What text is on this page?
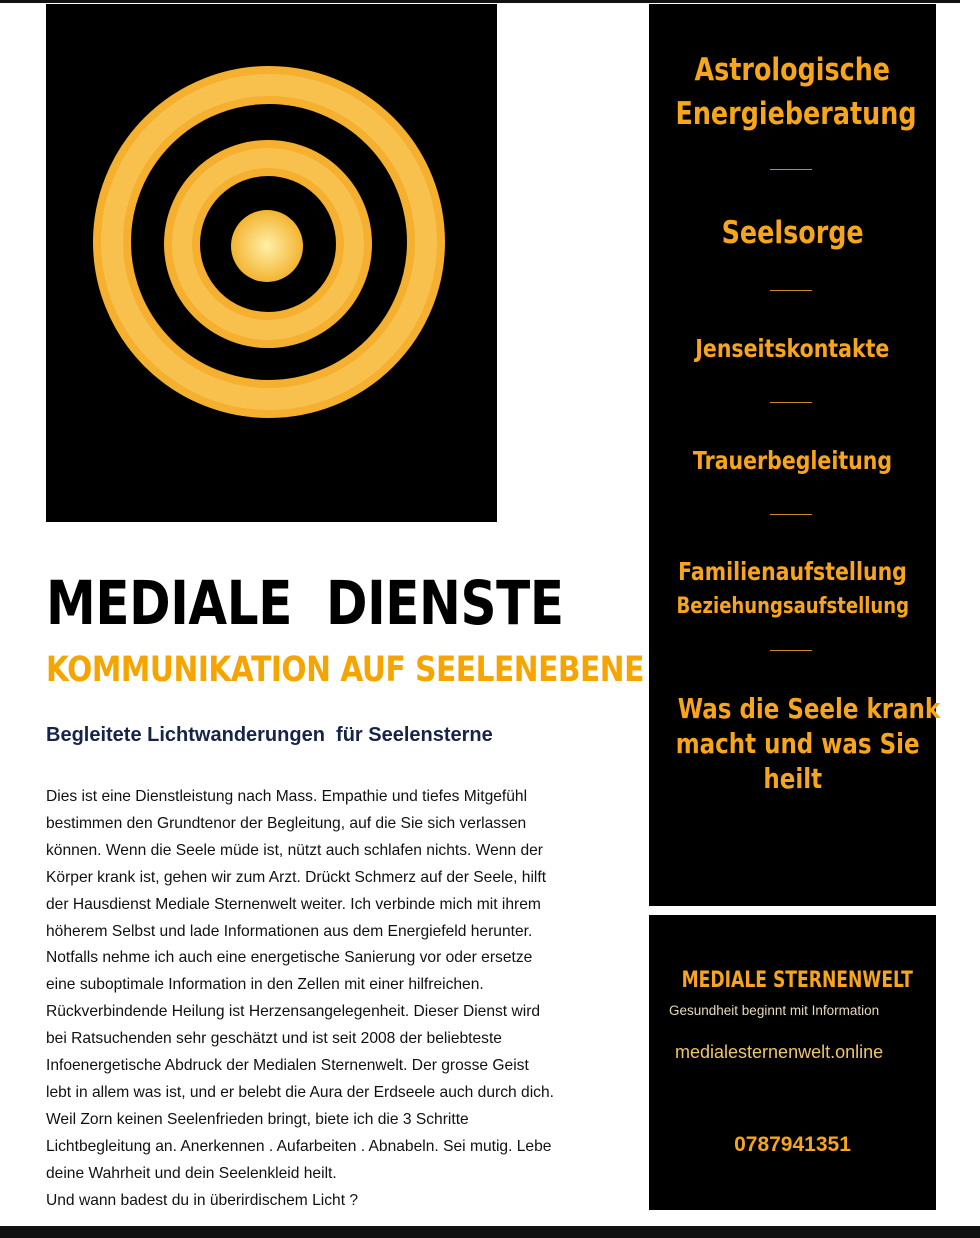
MEDIALE  DIENSTE
KOMMUNIKATION AUF SEELENEBENE
Begleitete Lichtwanderungen  für Seelensterne
Dies ist eine Dienstleistung nach Mass. Empathie und tiefes Mitgefühl
bestimmen den Grundtenor der Begleitung, auf die Sie sich verlassen
können. Wenn die Seele müde ist, nützt auch schlafen nichts. Wenn der
Körper krank ist, gehen wir zum Arzt. Drückt Schmerz auf der Seele, hilft
der Hausdienst Mediale Sternenwelt weiter. Ich verbinde mich mit ihrem
höherem Selbst und lade Informationen aus dem Energiefeld herunter.
Notfalls nehme ich auch eine energetische Sanierung vor oder ersetze
eine suboptimale Information in den Zellen mit einer hilfreichen.
Rückverbindende Heilung ist Herzensangelegenheit. Dieser Dienst wird
bei Ratsuchenden sehr geschätzt und ist seit 2008 der beliebteste
Infoenergetische Abdruck der Medialen Sternenwelt. Der grosse Geist
lebt in allem was ist, und er belebt die Aura der Erdseele auch durch dich.
Weil Zorn keinen Seelenfrieden bringt, biete ich die 3 Schritte
Lichtbegleitung an. Anerkennen . Aufarbeiten . Abnabeln. Sei mutig. Lebe
deine Wahrheit und dein Seelenkleid heilt.
Und wann badest du in überirdischem Licht ?
Astrologische
Energieberatung
Seelsorge
Jenseitskontakte
Trauerbegleitung
Familienaufstellung
Beziehungsaufstellung
Was die Seele krank
macht und was Sie
heilt
MEDIALE STERNENWELT
Gesundheit beginnt mit Information
medialesternenwelt.online
0787941351
